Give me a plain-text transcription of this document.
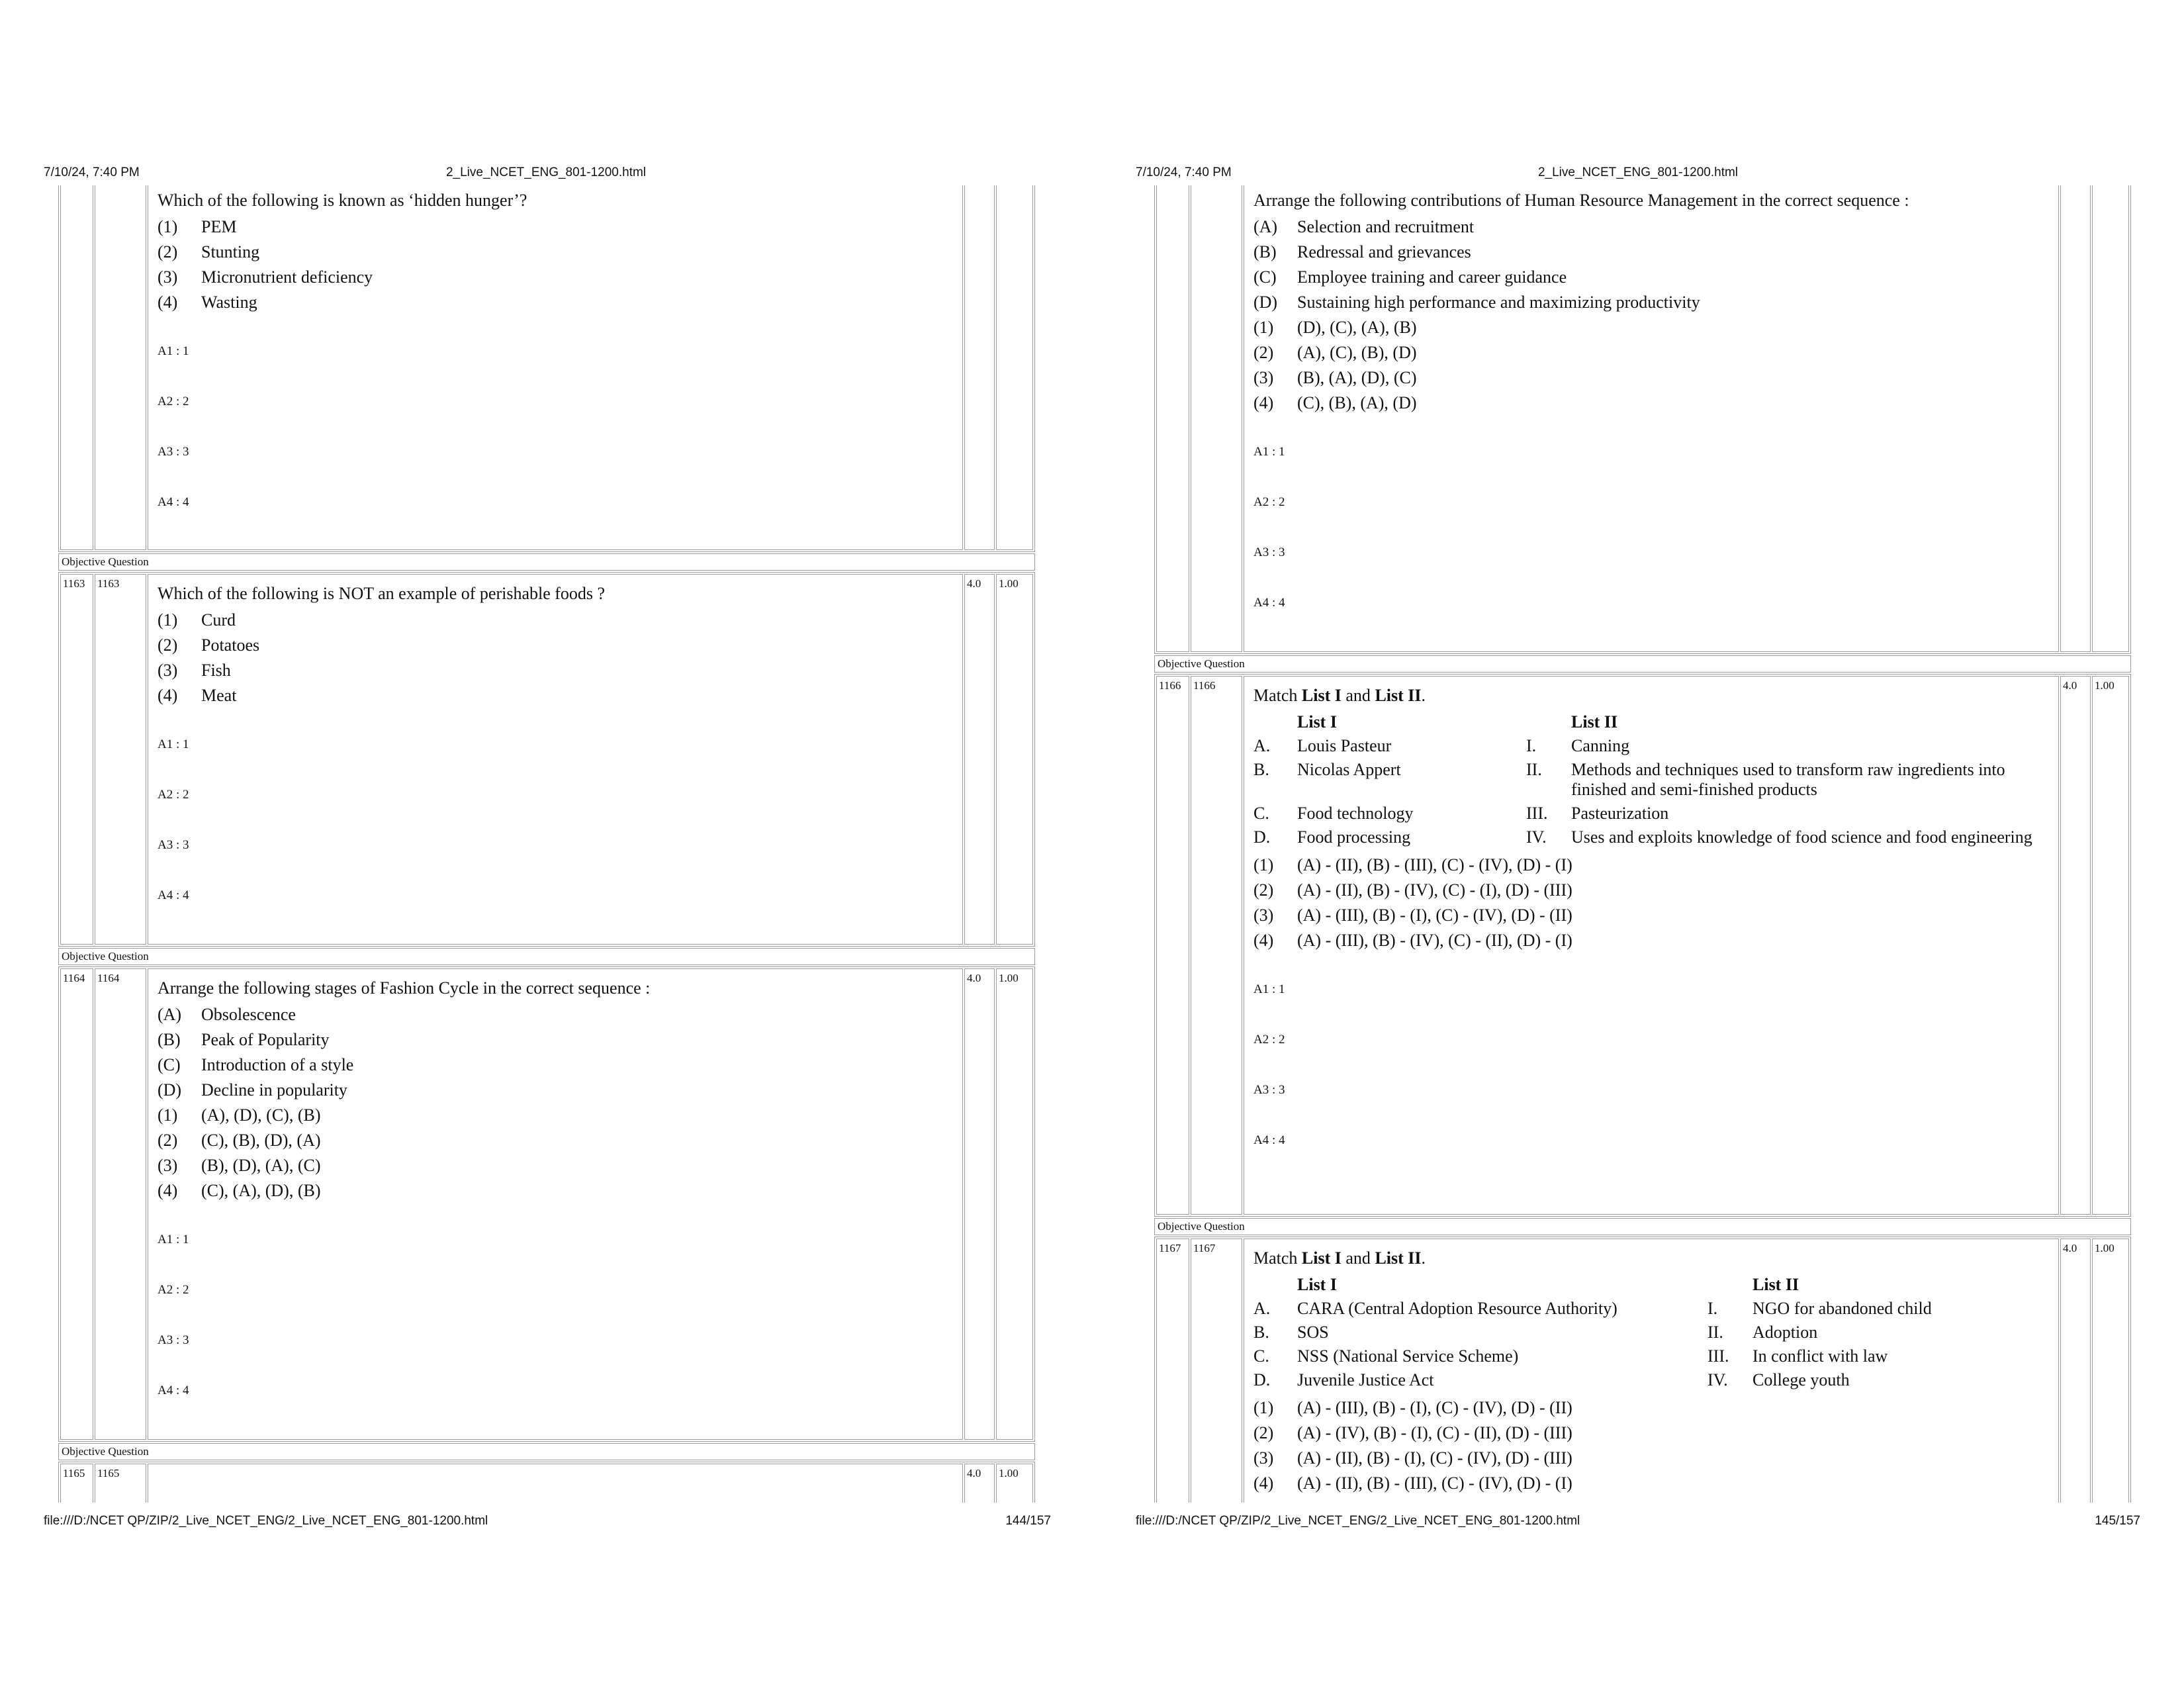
7/10/24, 7:40 PM	2_Live_NCET_ENG_801-1200.html

Which of the following is known as ‘hidden hunger’?

(1)	PEM
(2)	Stunting
(3)	Micronutrient deficiency
(4)	Wasting

A1 : 1

A2 : 2

A3 : 3

A4 : 4

Objective Question
1163	1163

Which of the following is NOT an example of perishable foods ?

(1)	Curd
(2)	Potatoes
(3)	Fish
(4)	Meat

A1 : 1

A2 : 2

A3 : 3

A4 : 4

4.0	1.00
Objective Question
1164	1164

Arrange the following stages of Fashion Cycle in the correct sequence :

(A)	Obsolescence
(B)	Peak of Popularity
(C)	Introduction of a style
(D)	Decline in popularity
(1)	(A), (D), (C), (B)
(2)	(C), (B), (D), (A)
(3)	(B), (D), (A), (C)
(4)	(C), (A), (D), (B)

A1 : 1

A2 : 2

A3 : 3

A4 : 4

4.0	1.00
Objective Question
1165	1165	4.0	1.00
file:///D:/NCET QP/ZIP/2_Live_NCET_ENG/2_Live_NCET_ENG_801-1200.html	144/157
7/10/24, 7:40 PM	2_Live_NCET_ENG_801-1200.html

Arrange the following contributions of Human Resource Management in the correct sequence :

(A)	Selection and recruitment
(B)	Redressal and grievances
(C)	Employee training and career guidance
(D)	Sustaining high performance and maximizing productivity
(1)	(D), (C), (A), (B)
(2)	(A), (C), (B), (D)
(3)	(B), (A), (D), (C)
(4)	(C), (B), (A), (D)

A1 : 1

A2 : 2

A3 : 3

A4 : 4

Objective Question
1166	1166

Match List I and List II.

	List I		List II
A.	Louis Pasteur	I.	Canning
B.	Nicolas Appert	II.	Methods and techniques used to transform raw ingredients into finished and semi-finished products
C.	Food technology	III.	Pasteurization
D.	Food processing	IV.	Uses and exploits knowledge of food science and food engineering
(1)	(A) - (II), (B) - (III), (C) - (IV), (D) - (I)
(2)	(A) - (II), (B) - (IV), (C) - (I), (D) - (III)
(3)	(A) - (III), (B) - (I), (C) - (IV), (D) - (II)
(4)	(A) - (III), (B) - (IV), (C) - (II), (D) - (I)

A1 : 1

A2 : 2

A3 : 3

A4 : 4

4.0	1.00
Objective Question
1167	1167

Match List I and List II.

	List I		List II
A.	CARA (Central Adoption Resource Authority)	I.	NGO for abandoned child
B.	SOS	II.	Adoption
C.	NSS (National Service Scheme)	III.	In conflict with law
D.	Juvenile Justice Act	IV.	College youth
(1)	(A) - (III), (B) - (I), (C) - (IV), (D) - (II)
(2)	(A) - (IV), (B) - (I), (C) - (II), (D) - (III)
(3)	(A) - (II), (B) - (I), (C) - (IV), (D) - (III)
(4)	(A) - (II), (B) - (III), (C) - (IV), (D) - (I)
4.0	1.00
file:///D:/NCET QP/ZIP/2_Live_NCET_ENG/2_Live_NCET_ENG_801-1200.html	145/157
